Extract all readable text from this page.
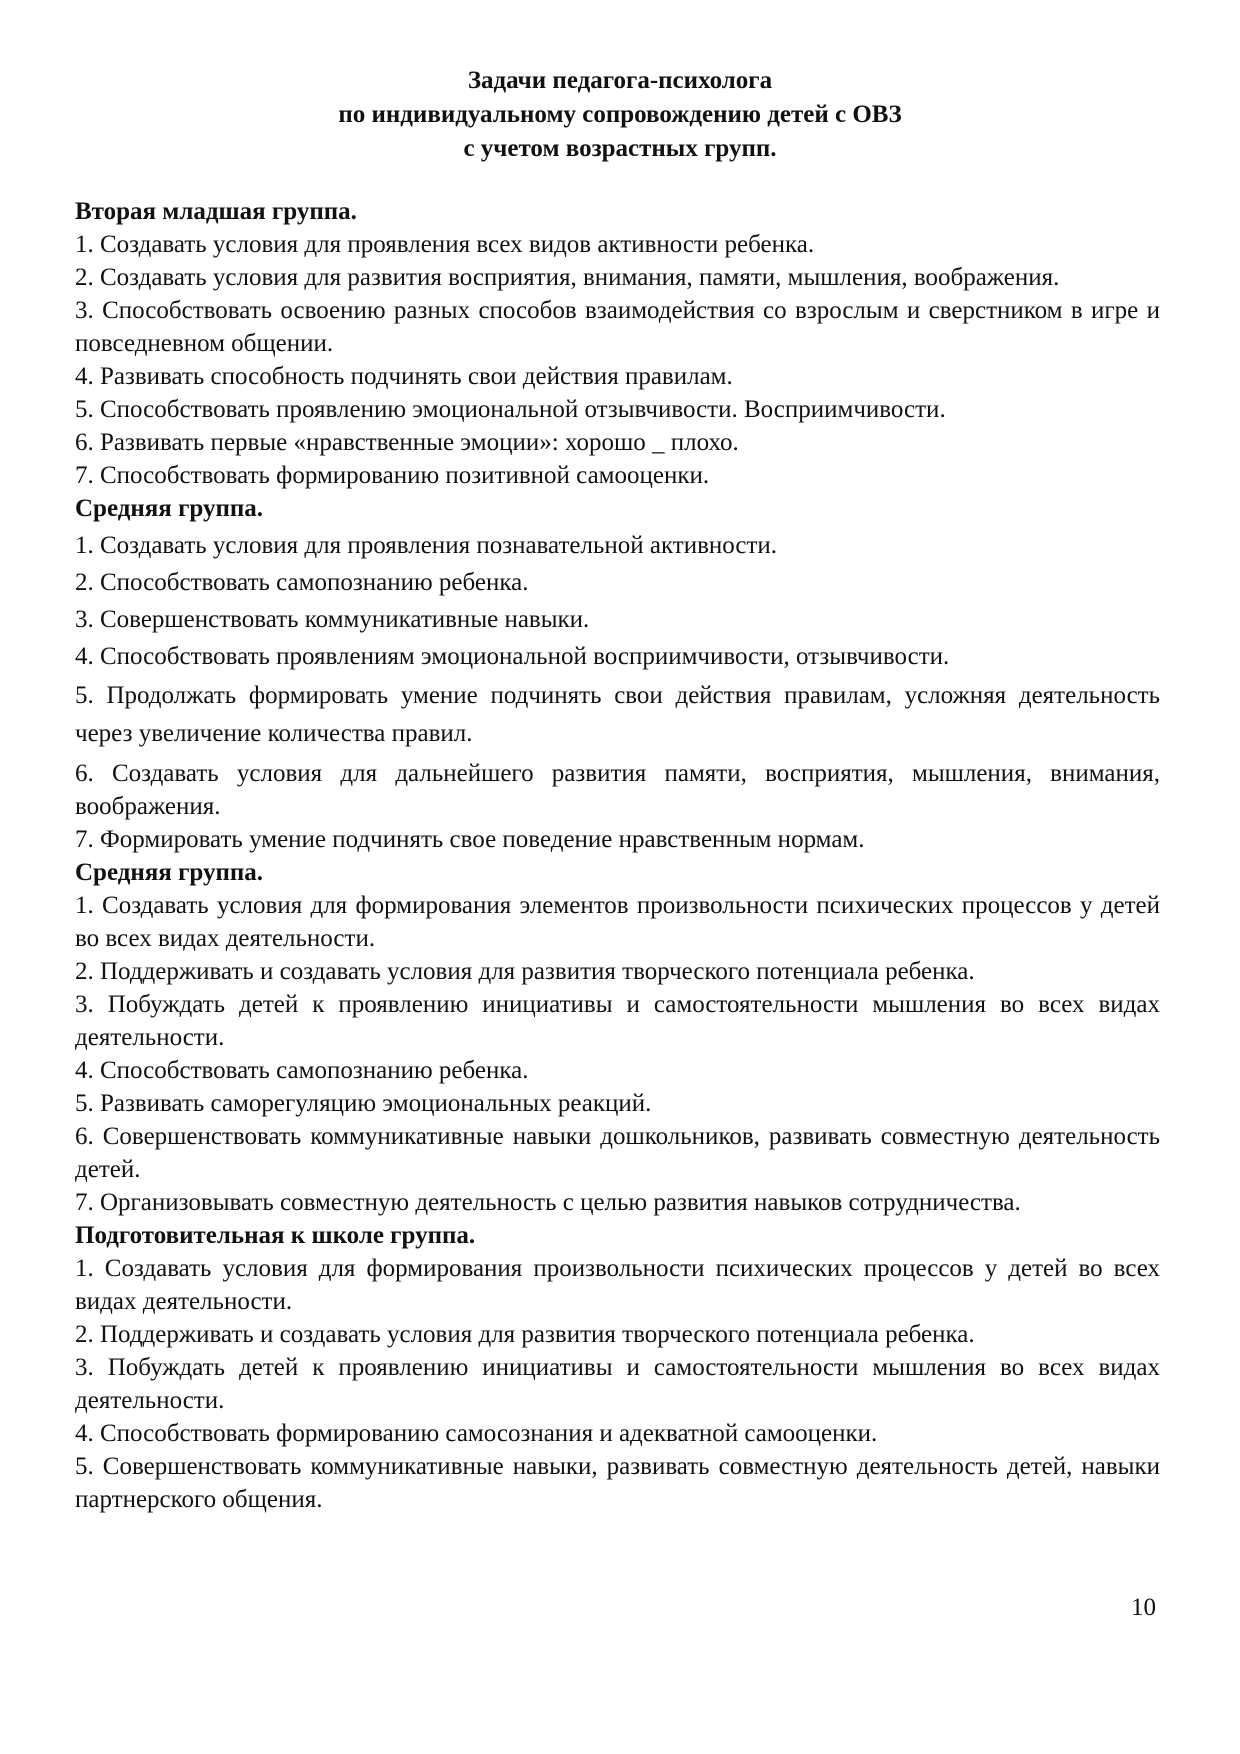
Задачи педагога-психолога
по индивидуальному сопровождению детей с ОВЗ
с учетом возрастных групп.

Вторая младшая группа.

1. Создавать условия для проявления всех видов активности ребенка.

2. Создавать условия для развития восприятия, внимания, памяти, мышления, воображения.

3. Способствовать освоению разных способов взаимодействия со взрослым и сверстником в игре и повседневном общении.

4. Развивать способность подчинять свои действия правилам.

5. Способствовать проявлению эмоциональной отзывчивости. Восприимчивости.

6. Развивать первые «нравственные эмоции»: хорошо _ плохо.

7. Способствовать формированию позитивной самооценки.

Средняя группа.

1. Создавать условия для проявления познавательной активности.

2. Способствовать самопознанию ребенка.

3. Совершенствовать коммуникативные навыки.

4. Способствовать проявлениям эмоциональной восприимчивости, отзывчивости.

5. Продолжать формировать умение подчинять свои действия правилам, усложняя деятельность через увеличение количества правил.

6. Создавать условия для дальнейшего развития памяти, восприятия, мышления, внимания, воображения.

7. Формировать умение подчинять свое поведение нравственным нормам.

Средняя группа.

1. Создавать условия для формирования элементов произвольности психических процессов у детей во всех видах деятельности.

2. Поддерживать и создавать условия для развития творческого потенциала ребенка.

3. Побуждать детей к проявлению инициативы и самостоятельности мышления во всех видах деятельности.

4. Способствовать самопознанию ребенка.

5. Развивать саморегуляцию эмоциональных реакций.

6. Совершенствовать коммуникативные навыки дошкольников, развивать совместную деятельность детей.

7. Организовывать совместную деятельность с целью развития навыков сотрудничества.

Подготовительная к школе группа.

1. Создавать условия для формирования произвольности психических процессов у детей во всех видах деятельности.

2. Поддерживать и создавать условия для развития творческого потенциала ребенка.

3. Побуждать детей к проявлению инициативы и самостоятельности мышления во всех видах деятельности.

4. Способствовать формированию самосознания и адекватной самооценки.

5. Совершенствовать коммуникативные навыки, развивать совместную деятельность детей, навыки партнерского общения.

10
